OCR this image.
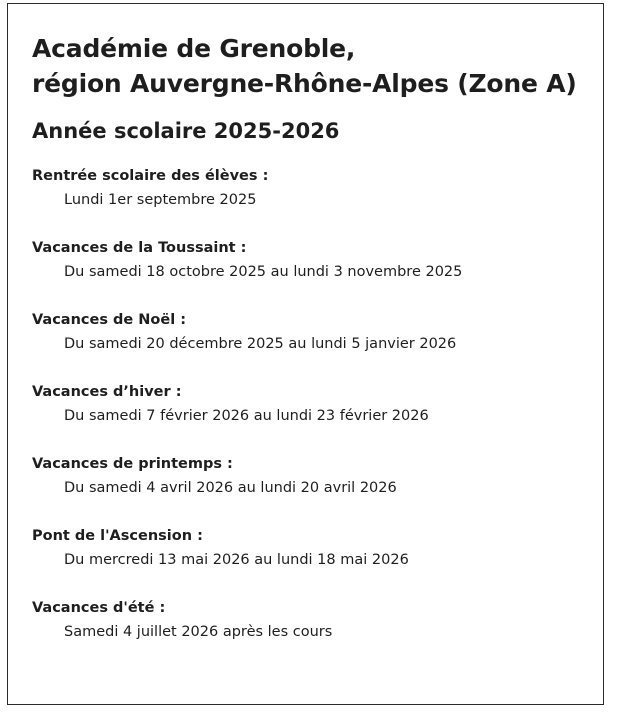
Académie de Grenoble,
région Auvergne-Rhône-Alpes (Zone A)
Année scolaire 2025-2026

Rentrée scolaire des élèves :

Lundi 1er septembre 2025

Vacances de la Toussaint :

Du samedi 18 octobre 2025 au lundi 3 novembre 2025

Vacances de Noël :

Du samedi 20 décembre 2025 au lundi 5 janvier 2026

Vacances d’hiver :

Du samedi 7 février 2026 au lundi 23 février 2026

Vacances de printemps :

Du samedi 4 avril 2026 au lundi 20 avril 2026

Pont de l'Ascension :

Du mercredi 13 mai 2026 au lundi 18 mai 2026

Vacances d'été :

Samedi 4 juillet 2026 après les cours
